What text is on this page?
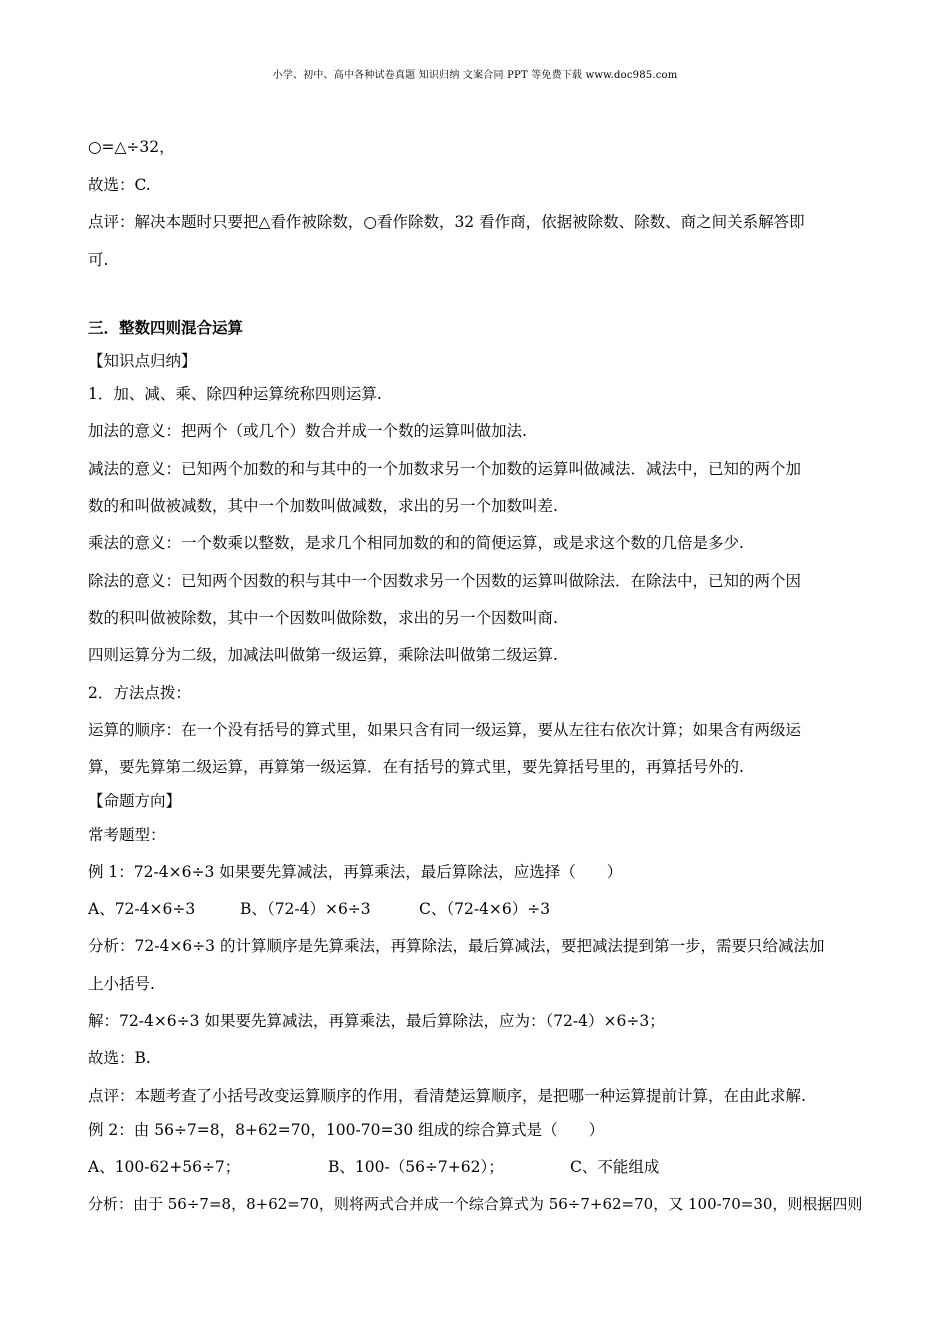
小学、初中、高中各种试卷真题 知识归纳 文案合同 PPT 等免费下载 www.doc985.com
○=△÷32，
故选：C.
点评：解决本题时只要把△看作被除数，○看作除数，32 看作商，依据被除数、除数、商之间关系解答即
可.
三．整数四则混合运算
【知识点归纳】
1．加、减、乘、除四种运算统称四则运算.
加法的意义：把两个（或几个）数合并成一个数的运算叫做加法.
减法的意义：已知两个加数的和与其中的一个加数求另一个加数的运算叫做减法．减法中，已知的两个加
数的和叫做被减数，其中一个加数叫做减数，求出的另一个加数叫差.
乘法的意义：一个数乘以整数，是求几个相同加数的和的简便运算，或是求这个数的几倍是多少.
除法的意义：已知两个因数的积与其中一个因数求另一个因数的运算叫做除法．在除法中，已知的两个因
数的积叫做被除数，其中一个因数叫做除数，求出的另一个因数叫商.
四则运算分为二级，加减法叫做第一级运算，乘除法叫做第二级运算.
2．方法点拨：
运算的顺序：在一个没有括号的算式里，如果只含有同一级运算，要从左往右依次计算；如果含有两级运
算，要先算第二级运算，再算第一级运算．在有括号的算式里，要先算括号里的，再算括号外的.
【命题方向】
常考题型：
例 1：72-4×6÷3 如果要先算减法，再算乘法，最后算除法，应选择（　　）
A、72-4×6÷3	B、（72-4）×6÷3	C、（72-4×6）÷3
分析：72-4×6÷3 的计算顺序是先算乘法，再算除法，最后算减法，要把减法提到第一步，需要只给减法加
上小括号.
解：72-4×6÷3 如果要先算减法，再算乘法，最后算除法，应为：（72-4）×6÷3；
故选：B.
点评：本题考查了小括号改变运算顺序的作用，看清楚运算顺序，是把哪一种运算提前计算，在由此求解.
例 2：由 56÷7=8，8+62=70，100-70=30 组成的综合算式是（　　）
A、100-62+56÷7；	B、100-（56÷7+62）；	C、不能组成
分析：由于 56÷7=8，8+62=70，则将两式合并成一个综合算式为 56÷7+62=70，又 100-70=30，则根据四则
